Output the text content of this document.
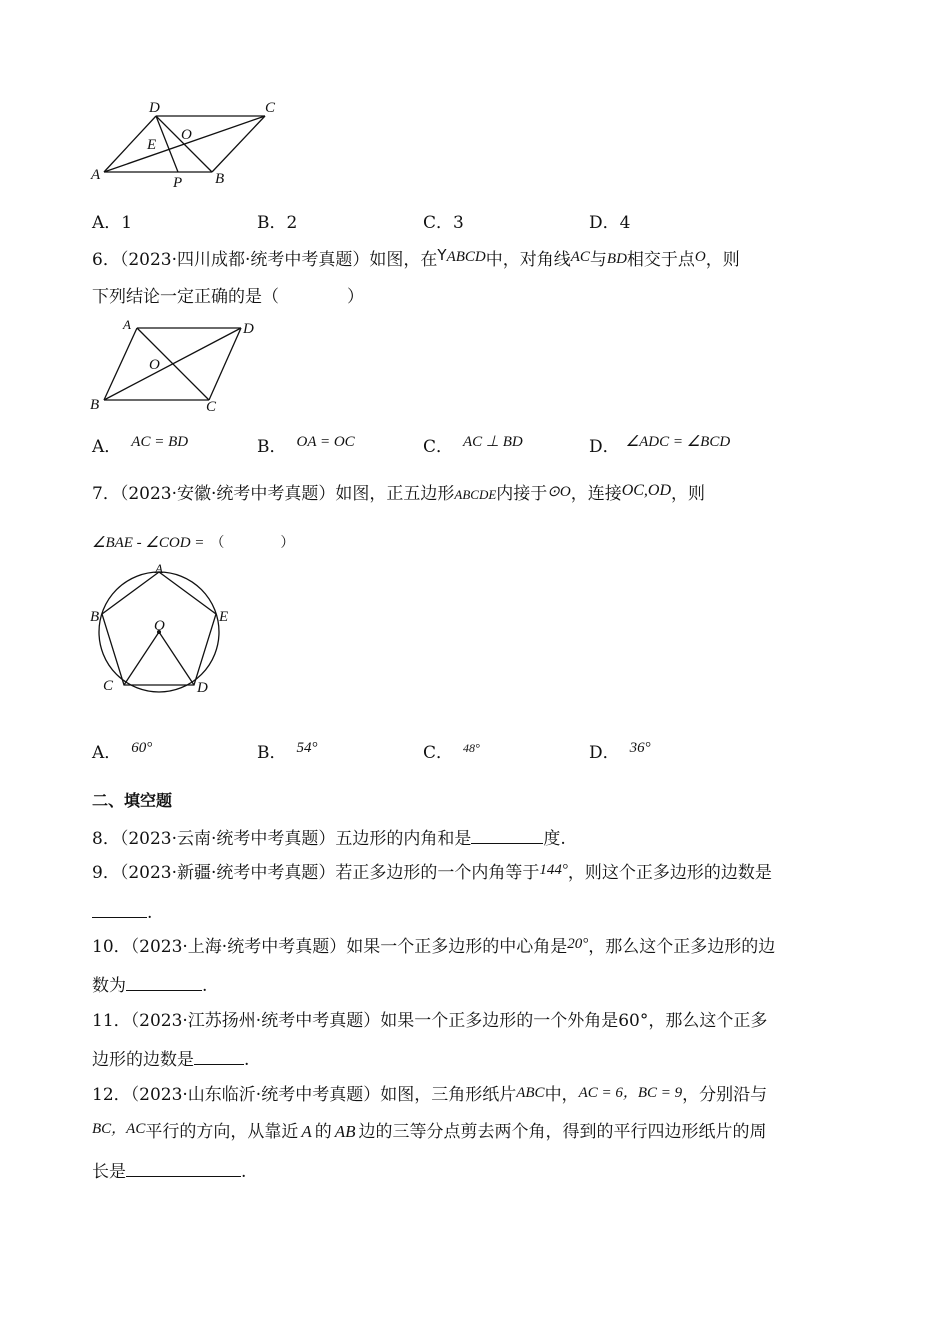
D	C
E
O
A	P B
A．1	B．2	C．3	D．4
6．（2023·四川成都·统考中考真题）如图，在YABCD中，对角线AC与BD相交于点O，则
下列结论一定正确的是（　　　　）
A	D
O
B	C
A． AC = BD	B． OA = OC	C． AC ⊥ BD	D． ∠ADC = ∠BCD
7．（2023·安徽·统考中考真题）如图，正五边形ABCDE内接于⊙O，连接OC,OD，则
∠BAE - ∠COD = （　　　　）
A
B	E
O
C	D
A． 60°	B． 54°	C． $^{48^\circ}$	D． 36°
二、填空题
8．（2023·云南·统考中考真题）五边形的内角和是	度.
9．（2023·新疆·统考中考真题）若正多边形的一个内角等于144°，则这个正多边形的边数是
.
10．（2023·上海·统考中考真题）如果一个正多边形的中心角是20°，那么这个正多边形的边
数为	.
11．（2023·江苏扬州·统考中考真题）如果一个正多边形的一个外角是60°，那么这个正多
边形的边数是	.
12．（2023·山东临沂·统考中考真题）如图，三角形纸片ABC中，AC = 6，BC = 9，分别沿与
BC，AC平行的方向，从靠近 A 的 AB 边的三等分点剪去两个角，得到的平行四边形纸片的周
长是	.
